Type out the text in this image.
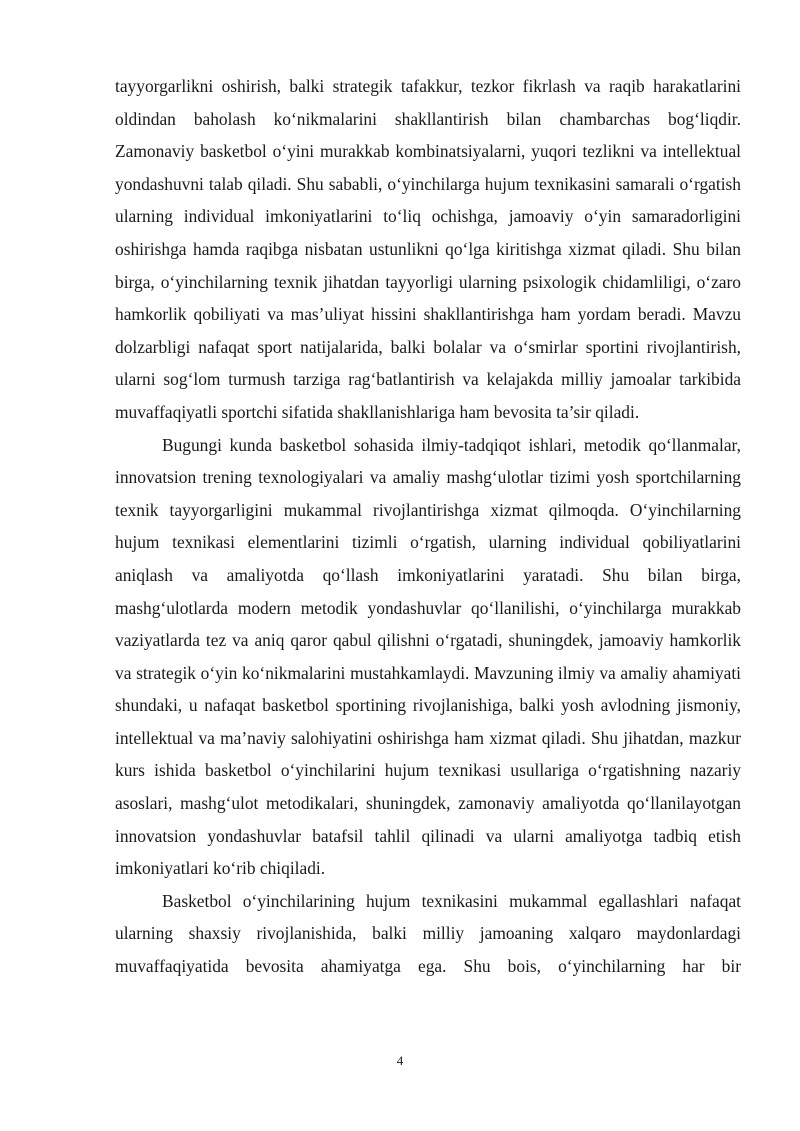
tayyorgarlikni oshirish, balki strategik tafakkur, tezkor fikrlash va raqib harakatlarini oldindan baholash ko‘nikmalarini shakllantirish bilan chambarchas bog‘liqdir. Zamonaviy basketbol o‘yini murakkab kombinatsiyalarni, yuqori tezlikni va intellektual yondashuvni talab qiladi. Shu sababli, o‘yinchilarga hujum texnikasini samarali o‘rgatish ularning individual imkoniyatlarini to‘liq ochishga, jamoaviy o‘yin samaradorligini oshirishga hamda raqibga nisbatan ustunlikni qo‘lga kiritishga xizmat qiladi. Shu bilan birga, o‘yinchilarning texnik jihatdan tayyorligi ularning psixologik chidamliligi, o‘zaro hamkorlik qobiliyati va mas’uliyat hissini shakllantirishga ham yordam beradi. Mavzu dolzarbligi nafaqat sport natijalarida, balki bolalar va o‘smirlar sportini rivojlantirish, ularni sog‘lom turmush tarziga rag‘batlantirish va kelajakda milliy jamoalar tarkibida muvaffaqiyatli sportchi sifatida shakllanishlariga ham bevosita ta’sir qiladi.

Bugungi kunda basketbol sohasida ilmiy-tadqiqot ishlari, metodik qo‘llanmalar, innovatsion trening texnologiyalari va amaliy mashg‘ulotlar tizimi yosh sportchilarning texnik tayyorgarligini mukammal rivojlantirishga xizmat qilmoqda. O‘yinchilarning hujum texnikasi elementlarini tizimli o‘rgatish, ularning individual qobiliyatlarini aniqlash va amaliyotda qo‘llash imkoniyatlarini yaratadi. Shu bilan birga, mashg‘ulotlarda modern metodik yondashuvlar qo‘llanilishi, o‘yinchilarga murakkab vaziyatlarda tez va aniq qaror qabul qilishni o‘rgatadi, shuningdek, jamoaviy hamkorlik va strategik o‘yin ko‘nikmalarini mustahkamlaydi. Mavzuning ilmiy va amaliy ahamiyati shundaki, u nafaqat basketbol sportining rivojlanishiga, balki yosh avlodning jismoniy, intellektual va ma’naviy salohiyatini oshirishga ham xizmat qiladi. Shu jihatdan, mazkur kurs ishida basketbol o‘yinchilarini hujum texnikasi usullariga o‘rgatishning nazariy asoslari, mashg‘ulot metodikalari, shuningdek, zamonaviy amaliyotda qo‘llanilayotgan innovatsion yondashuvlar batafsil tahlil qilinadi va ularni amaliyotga tadbiq etish imkoniyatlari ko‘rib chiqiladi.

Basketbol o‘yinchilarining hujum texnikasini mukammal egallashlari nafaqat ularning shaxsiy rivojlanishida, balki milliy jamoaning xalqaro maydonlardagi muvaffaqiyatida bevosita ahamiyatga ega. Shu bois, o‘yinchilarning har bir

4
